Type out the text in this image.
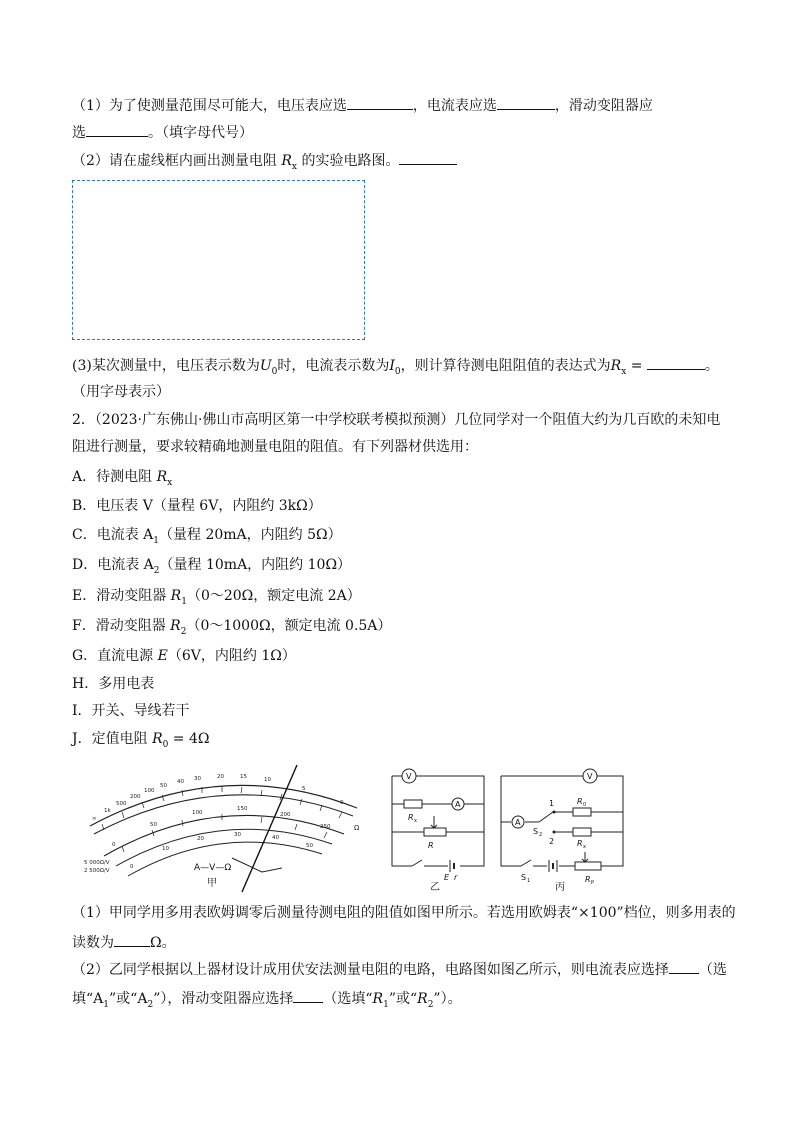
（1）为了使测量范围尽可能大，电压表应选	，电流表应选	，滑动变阻器应
选	。（填字母代号）
（2）请在虚线框内画出测量电阻 $R_x$ 的实验电路图。
(3)某次测量中，电压表示数为$U_0$时，电流表示数为$I_0$，则计算待测电阻阻值的表达式为$R_x$ =	。
（用字母表示）
2．（2023·广东佛山·佛山市高明区第一中学校联考模拟预测）几位同学对一个阻值大约为几百欧的未知电
阻进行测量，要求较精确地测量电阻的阻值。有下列器材供选用：
A．待测电阻 $R_x$
B．电压表 V（量程 6V，内阻约 3kΩ）
C．电流表 $A_1$（量程 20mA，内阻约 5Ω）
D．电流表 $A_2$（量程 10mA，内阻约 10Ω）
E．滑动变阻器 $R_1(0\sim 20\Omega$，额定电流 2A）
F．滑动变阻器 $R_2(0\sim 1000\Omega$，额定电流 0.5A）
G．直流电源 E（6V，内阻约 1Ω）
H．多用电表
I．开关、导线若干
J．定值电阻 $R_0 = 4\Omega$
∞
1k
500
200
100
50
40 30	20	15	10
5
0
Ω
0
50
100
150
200
250
0
10
20
30	40
50
A—V—Ω
5 000Ω/V
2 500Ω/V
甲
V
R x
A
R
E r
乙
V
A
1
2
S 2
R 0
R x
S 1	R P
丙
（1）甲同学用多用表欧姆调零后测量待测电阻的阻值如图甲所示。若选用欧姆表“×100”档位，则多用表的
读数为	Ω。
（2）乙同学根据以上器材设计成用伏安法测量电阻的电路，电路图如图乙所示，则电流表应选择 （选
填“$A_1$”或“$A_2$”），滑动变阻器应选择 （选填“$R_1$”或“$R_2$”）。
